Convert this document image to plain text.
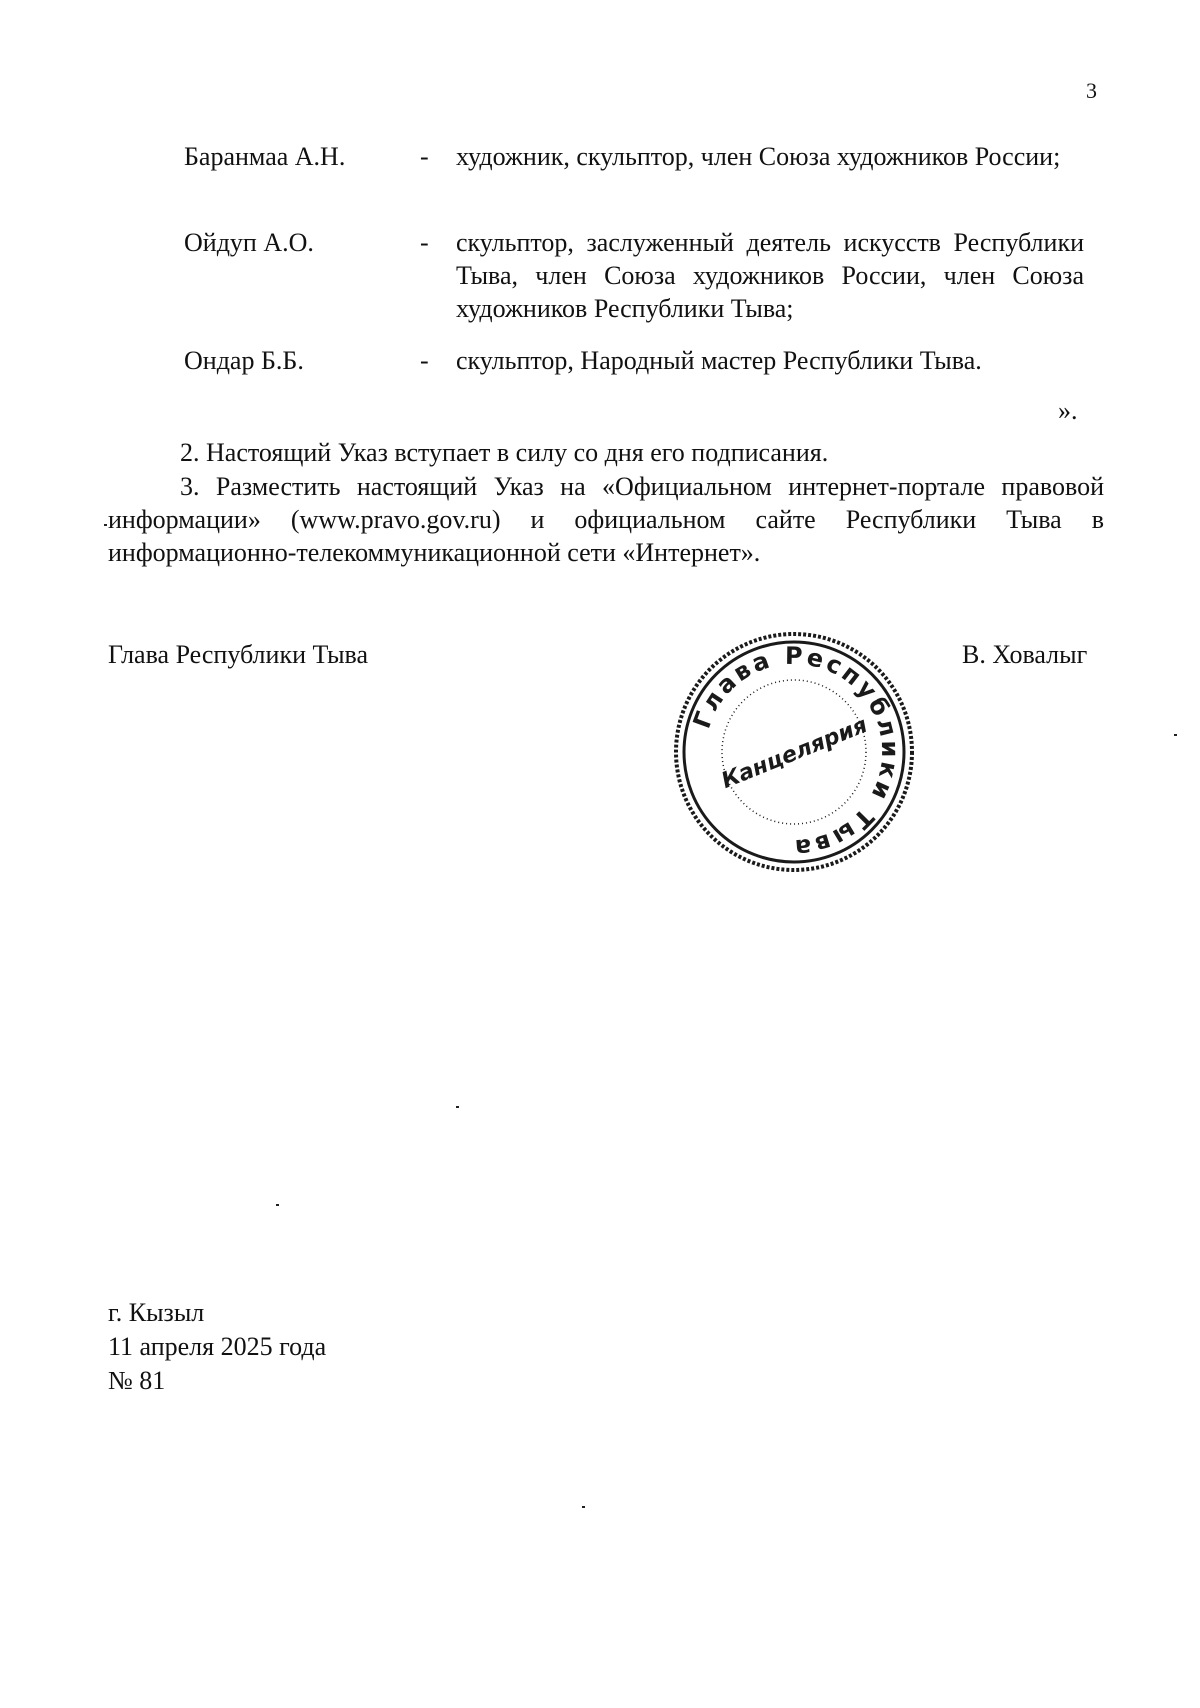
3
Баранмаа А.Н.	- художник, скульптор, член Союза художников России;
Ойдуп А.О.	- скульптор, заслуженный деятель искусств Республики Тыва, член Союза художников России, член Союза художников Республики Тыва;
Ондар Б.Б.	- скульптор, Народный мастер Республики Тыва.
».
2. Настоящий Указ вступает в силу со дня его подписания.
3. Разместить настоящий Указ на «Официальном интернет-портале правовой информации» (www.pravo.gov.ru) и официальном сайте Республики Тыва в информационно-телекоммуникационной сети «Интернет».
Глава Республики Тыва	В. Ховалыг
Глава Республики Тыва
Канцелярия
г. Кызыл
11 апреля 2025 года
№ 81
